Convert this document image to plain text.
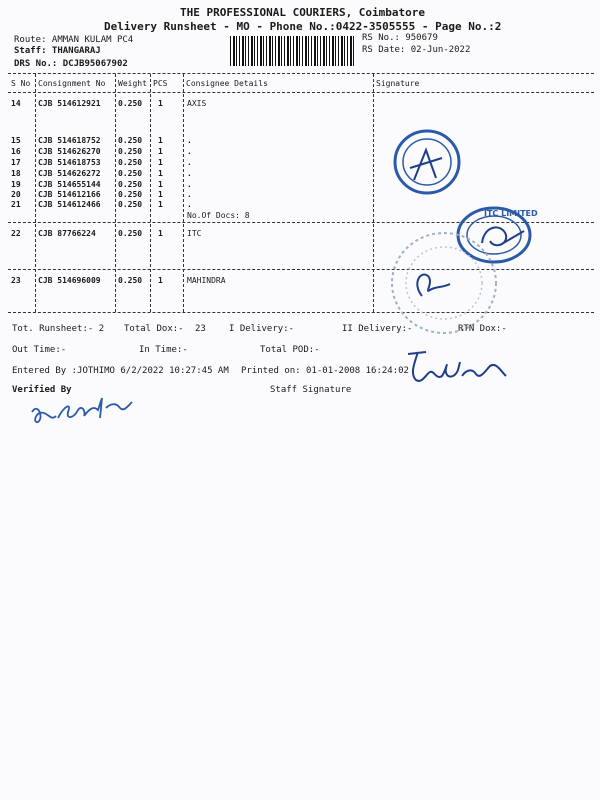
THE PROFESSIONAL COURIERS, Coimbatore
Delivery Runsheet - MO - Phone No.:0422-3505555 - Page No.:2
Route: AMMAN KULAM PC4
Staff: THANGARAJ
DRS No.: DCJB95067902
RS No.: 950679
RS Date: 02-Jun-2022
S No Consignment No Weight PCS Consignee Details	Signature
14 CJB 514612921 0.250 1	AXIS
15 CJB 514618752 0.250 1	.
16 CJB 514626270 0.250 1	.
17 CJB 514618753 0.250 1	.
18 CJB 514626272 0.250 1	.
19 CJB 514655144 0.250 1	.
20 CJB 514612166 0.250 1	.
21 CJB 514612466 0.250 1	.
No.Of Docs: 8
22 CJB 87766224	0.250 1	ITC
23 CJB 514696009 0.250 1	MAHINDRA
ITC LIMITED
Tot. Runsheet:- 2 Total Dox:- 23	I Delivery:-	II Delivery:-	RTN Dox:-
Out Time:-	In Time:-	Total POD:-
Entered By :JOTHIMO 6/2/2022 10:27:45 AM Printed on: 01-01-2008 16:24:02
Verified By	Staff Signature
